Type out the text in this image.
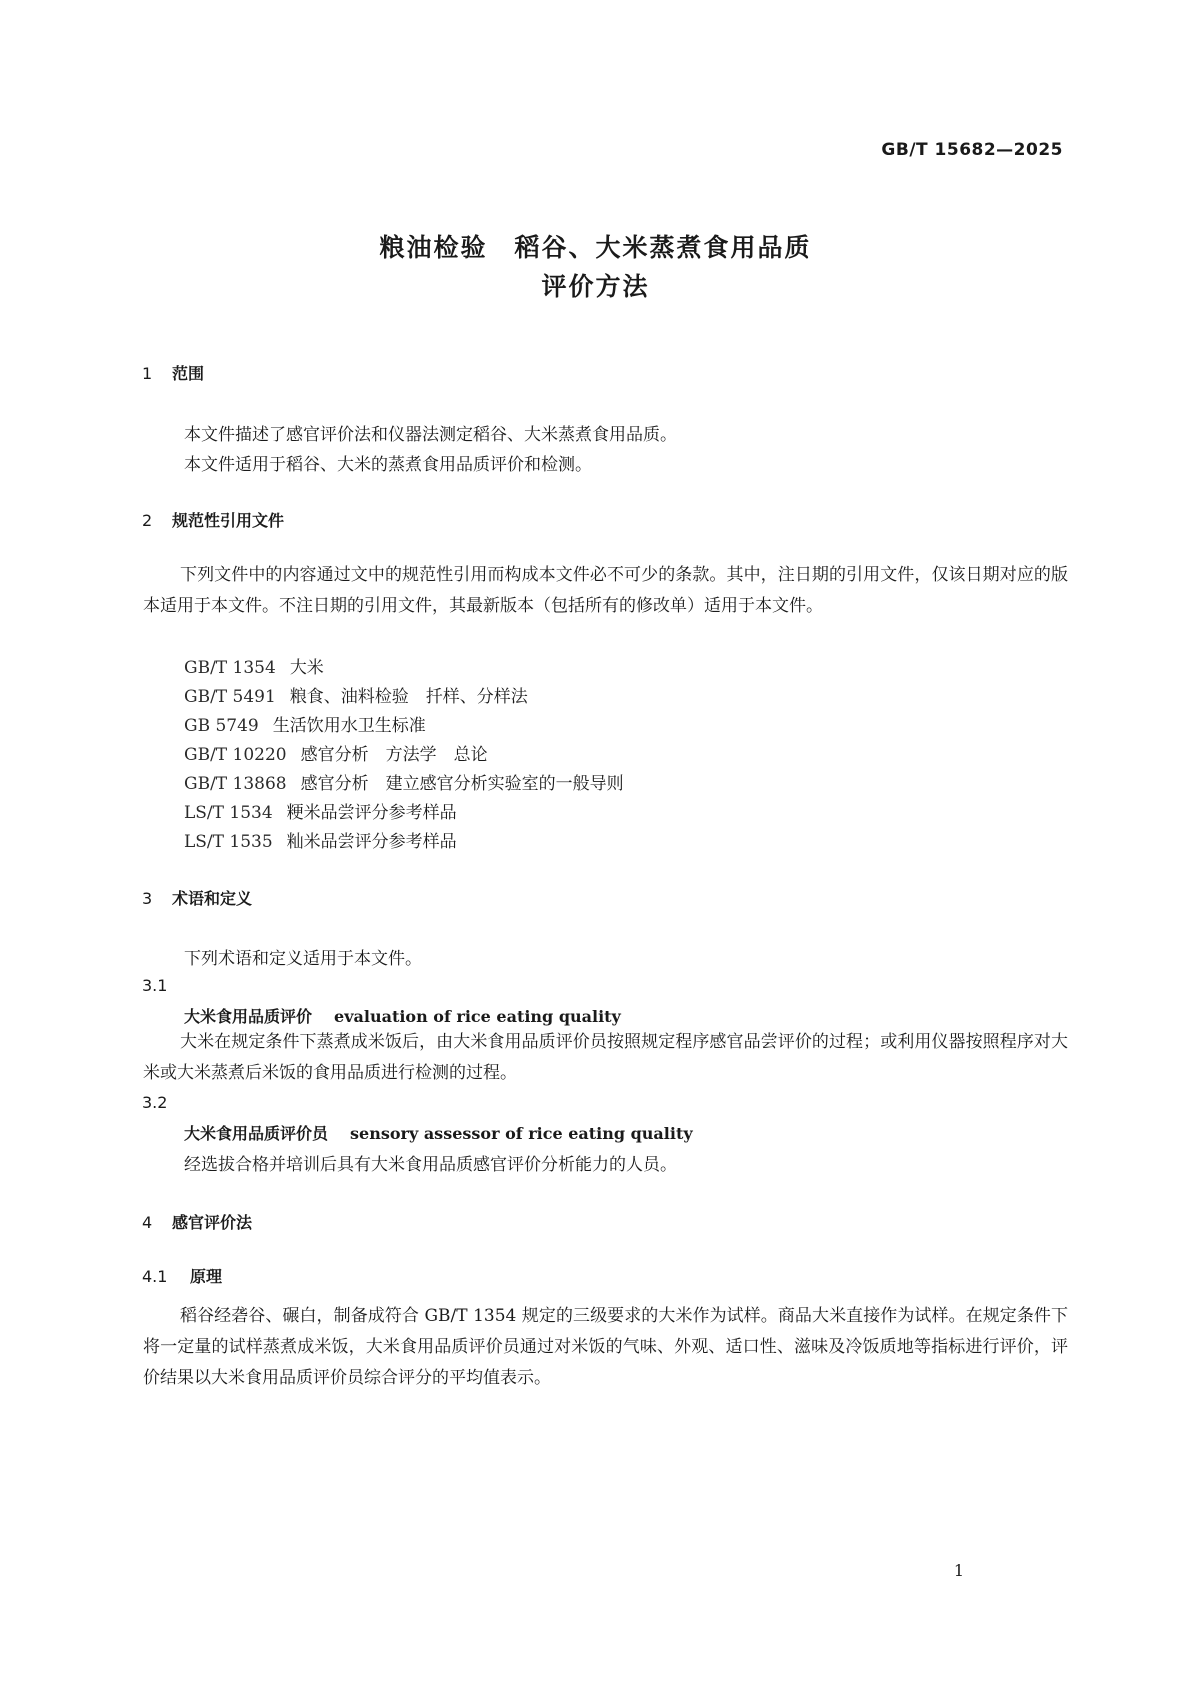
GB/T 15682—2025
粮油检验　稻谷、大米蒸煮食用品质
评价方法
1 范围
本文件描述了感官评价法和仪器法测定稻谷、大米蒸煮食用品质。
本文件适用于稻谷、大米的蒸煮食用品质评价和检测。
2 规范性引用文件
下列文件中的内容通过文中的规范性引用而构成本文件必不可少的条款。其中，注日期的引用文件，仅该日期对应的版本适用于本文件。不注日期的引用文件，其最新版本（包括所有的修改单）适用于本文件。
GB/T 1354 大米
GB/T 5491 粮食、油料检验　扦样、分样法
GB 5749 生活饮用水卫生标准
GB/T 10220 感官分析　方法学　总论
GB/T 13868 感官分析　建立感官分析实验室的一般导则
LS/T 1534 粳米品尝评分参考样品
LS/T 1535 籼米品尝评分参考样品
3 术语和定义
下列术语和定义适用于本文件。
3.1
大米食用品质评价 evaluation of rice eating quality
大米在规定条件下蒸煮成米饭后，由大米食用品质评价员按照规定程序感官品尝评价的过程；或利用仪器按照程序对大米或大米蒸煮后米饭的食用品质进行检测的过程。
3.2
大米食用品质评价员 sensory assessor of rice eating quality
经选拔合格并培训后具有大米食用品质感官评价分析能力的人员。
4 感官评价法
4.1 原理
稻谷经砻谷、碾白，制备成符合 GB/T 1354 规定的三级要求的大米作为试样。商品大米直接作为试样。在规定条件下将一定量的试样蒸煮成米饭，大米食用品质评价员通过对米饭的气味、外观、适口性、滋味及冷饭质地等指标进行评价，评价结果以大米食用品质评价员综合评分的平均值表示。
1
